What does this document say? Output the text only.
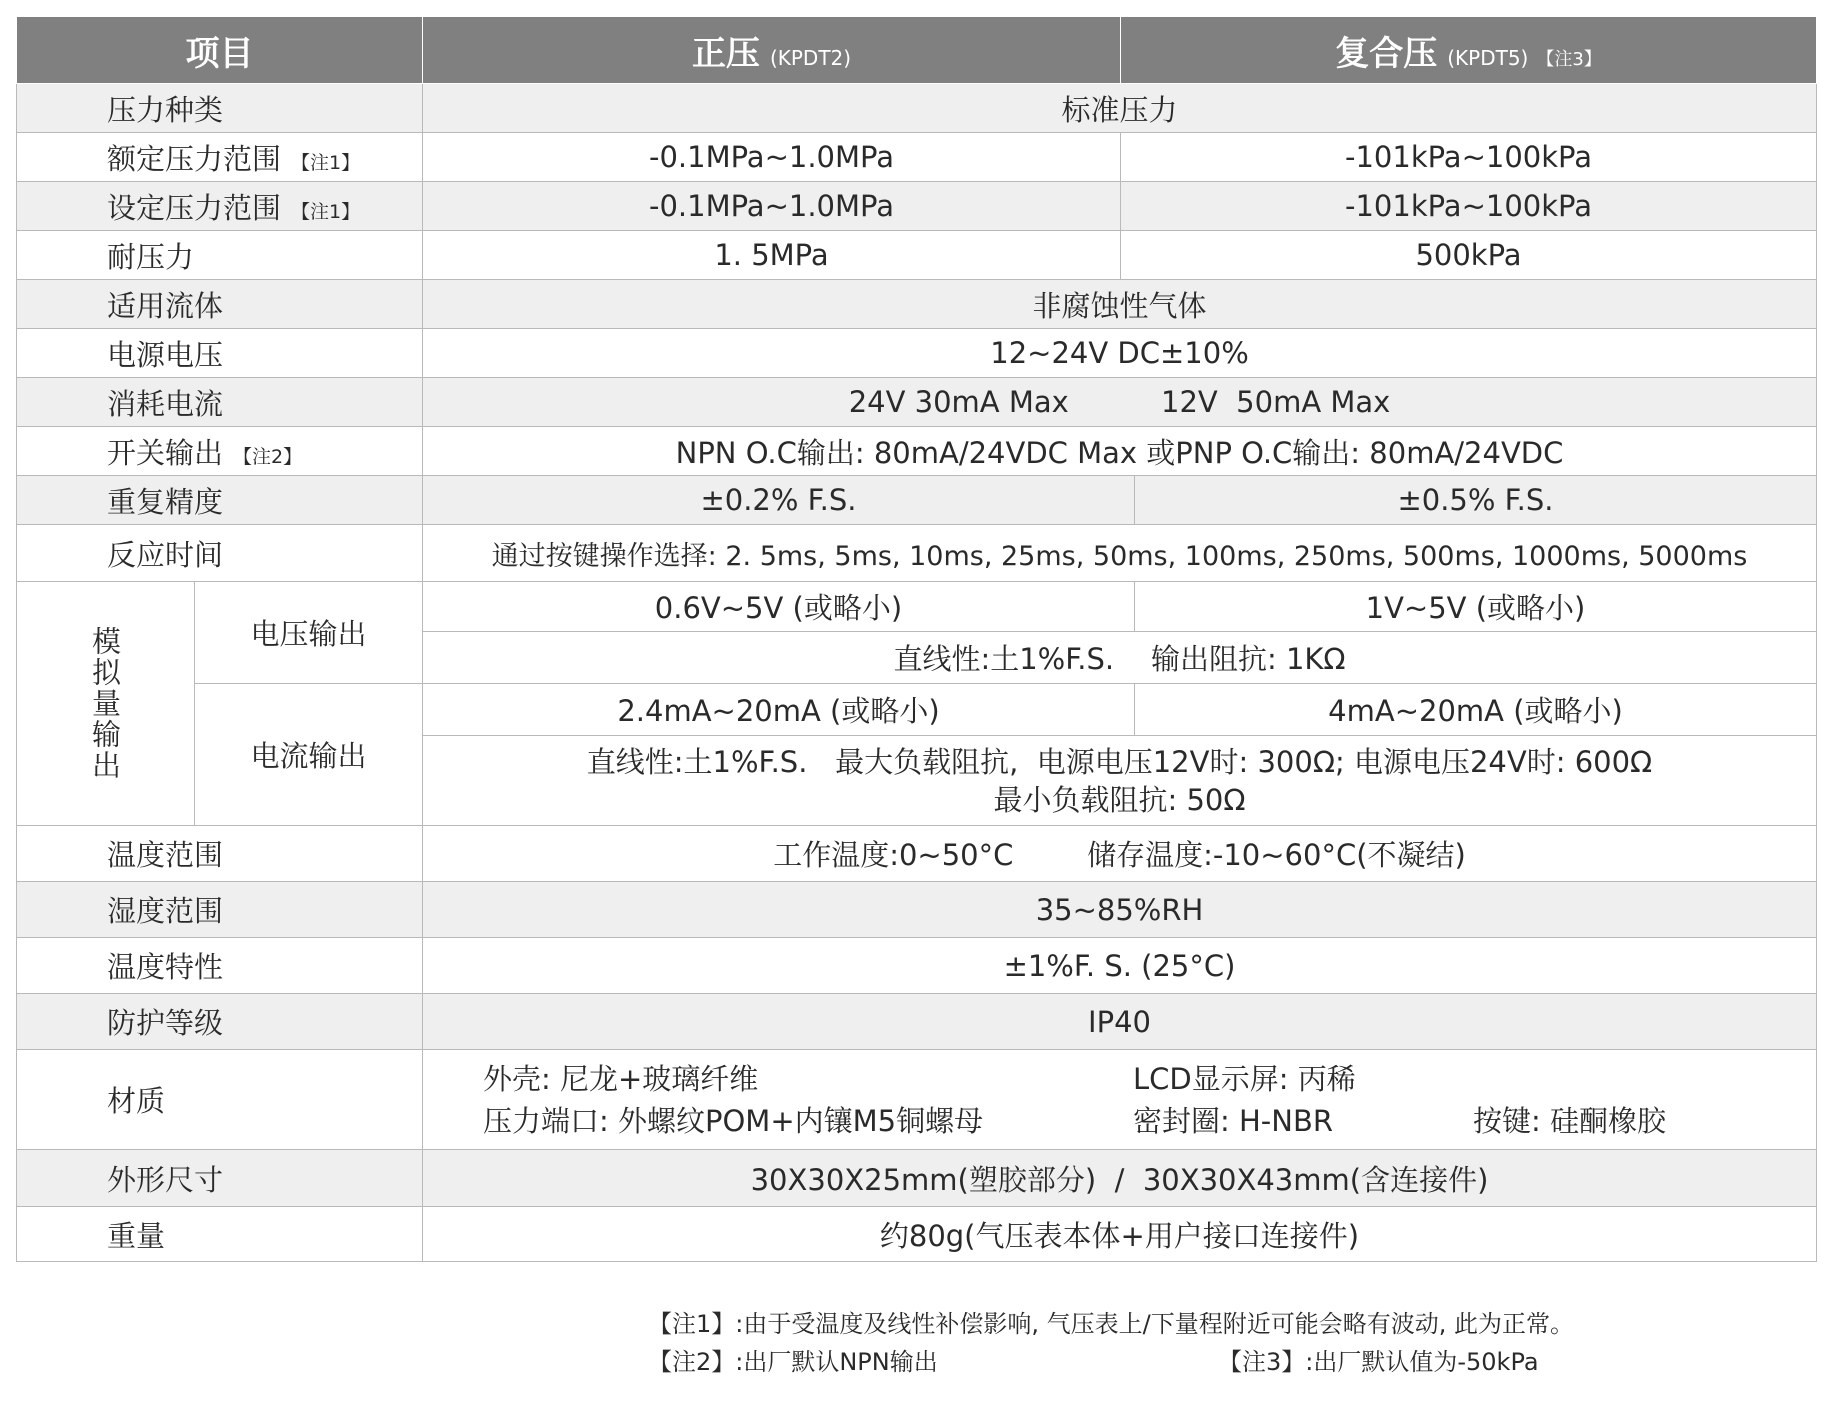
项目		正压 (KPDT2)	复合压 (KPDT5) 【注3】	
压力种类		标准压力		
额定压力范围 【注1】		-0.1MPa~1.0MPa	-101kPa~100kPa	
设定压力范围 【注1】		-0.1MPa~1.0MPa	-101kPa~100kPa	
耐压力		1. 5MPa	500kPa	
适用流体		非腐蚀性气体		
电源电压		12~24V DC±10%		
消耗电流		24V 30mA Max          12V  50mA Max		
开关输出 【注2】		NPN O.C输出: 80mA/24VDC Max 或PNP O.C输出: 80mA/24VDC		
重复精度		±0.2% F.S.		±0.5% F.S.
反应时间		通过按键操作选择: 2. 5ms, 5ms, 10ms, 25ms, 50ms, 100ms, 250ms, 500ms, 1000ms, 5000ms		
模拟量输出	电压输出	0.6V~5V (或略小)		1V~5V (或略小)
		直线性:土1%F.S.    输出阻抗: 1KΩ		
	电流输出	2.4mA~20mA (或略小)		4mA~20mA (或略小)

		直线性:土1%F.S.   最大负载阻抗,  电源电压12V时: 300Ω; 电源电压24V时: 600Ω
最小负载阻抗: 50Ω		

温度范围		工作温度:0~50°C        储存温度:-10~60°C(不凝结)		
湿度范围		35~85%RH		
温度特性		±1%F. S. (25°C)		
防护等级		IP40		
材质		外壳: 尼龙+玻璃纤维 LCD显示屏: 丙稀
压力端口: 外螺纹POM+内镶M5铜螺母 密封圈: H-NBR 按键: 硅酮橡胶		

外形尺寸		30X30X25mm(塑胶部分)  /  30X30X43mm(含连接件)		
重量		约80g(气压表本体+用户接口连接件)		
【注1】:由于受温度及线性补偿影响, 气压表上/下量程附近可能会略有波动, 此为正常。
【注2】:出厂默认NPN输出	【注3】:出厂默认值为-50kPa
